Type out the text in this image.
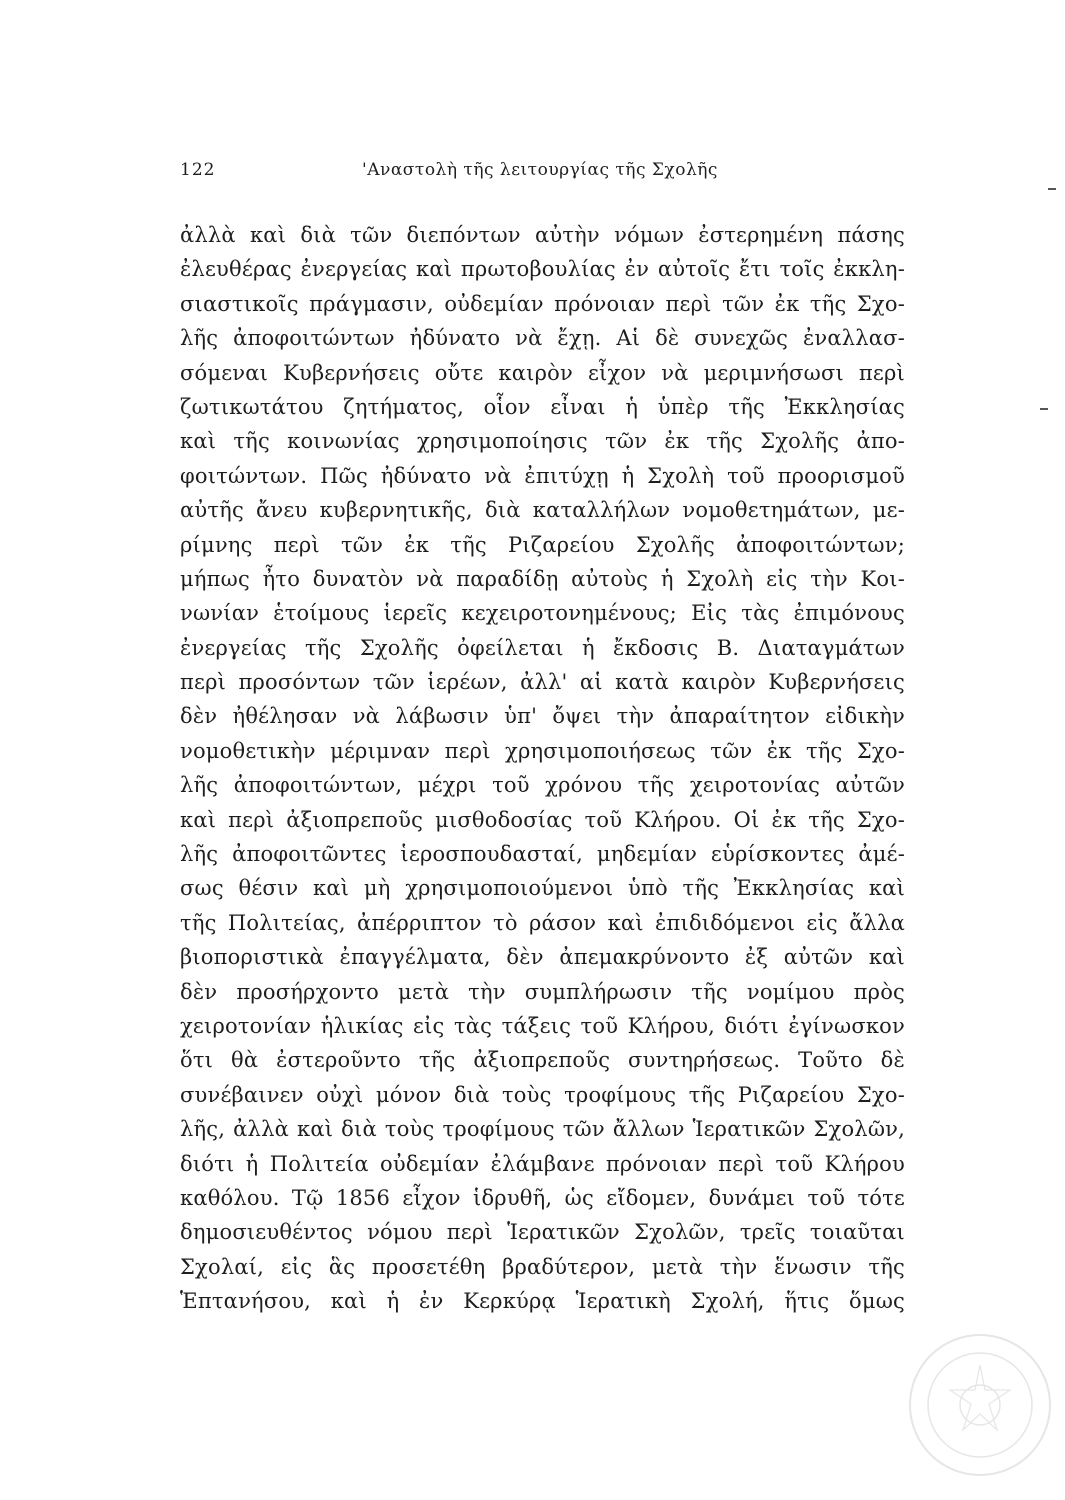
122	'Αναστολὴ τῆς λειτουργίας τῆς Σχολῆς
ἀλλὰ καὶ διὰ τῶν διεπόντων αὐτὴν νόμων ἐστερημένη πάσης
ἐλευθέρας ἐνεργείας καὶ πρωτοβουλίας ἐν αὐτοῖς ἔτι τοῖς ἐκκλη-
σιαστικοῖς πράγμασιν, οὐδεμίαν πρόνοιαν περὶ τῶν ἐκ τῆς Σχο-
λῆς ἀποφοιτώντων ἠδύνατο νὰ ἔχῃ. Αἱ δὲ συνεχῶς ἐναλλασ-
σόμεναι Κυβερνήσεις οὔτε καιρὸν εἶχον νὰ μεριμνήσωσι περὶ
ζωτικωτάτου ζητήματος, οἷον εἶναι ἡ ὑπὲρ τῆς Ἐκκλησίας
καὶ τῆς κοινωνίας χρησιμοποίησις τῶν ἐκ τῆς Σχολῆς ἀπο-
φοιτώντων. Πῶς ἠδύνατο νὰ ἐπιτύχῃ ἡ Σχολὴ τοῦ προορισμοῦ
αὐτῆς ἄνευ κυβερνητικῆς, διὰ καταλλήλων νομοθετημάτων, με-
ρίμνης περὶ τῶν ἐκ τῆς Ριζαρείου Σχολῆς ἀποφοιτώντων;
μήπως ἦτο δυνατὸν νὰ παραδίδῃ αὐτοὺς ἡ Σχολὴ εἰς τὴν Κοι-
νωνίαν ἑτοίμους ἱερεῖς κεχειροτονημένους; Εἰς τὰς ἐπιμόνους
ἐνεργείας τῆς Σχολῆς ὀφείλεται ἡ ἔκδοσις Β. Διαταγμάτων
περὶ προσόντων τῶν ἱερέων, ἀλλ' αἱ κατὰ καιρὸν Κυβερνήσεις
δὲν ἠθέλησαν νὰ λάβωσιν ὑπ' ὄψει τὴν ἀπαραίτητον εἰδικὴν
νομοθετικὴν μέριμναν περὶ χρησιμοποιήσεως τῶν ἐκ τῆς Σχο-
λῆς ἀποφοιτώντων, μέχρι τοῦ χρόνου τῆς χειροτονίας αὐτῶν
καὶ περὶ ἀξιοπρεποῦς μισθοδοσίας τοῦ Κλήρου. Οἱ ἐκ τῆς Σχο-
λῆς ἀποφοιτῶντες ἱεροσπουδασταί, μηδεμίαν εὑρίσκοντες ἀμέ-
σως θέσιν καὶ μὴ χρησιμοποιούμενοι ὑπὸ τῆς Ἐκκλησίας καὶ
τῆς Πολιτείας, ἀπέρριπτον τὸ ράσον καὶ ἐπιδιδόμενοι εἰς ἄλλα
βιοποριστικὰ ἐπαγγέλματα, δὲν ἀπεμακρύνοντο ἐξ αὐτῶν καὶ
δὲν προσήρχοντο μετὰ τὴν συμπλήρωσιν τῆς νομίμου πρὸς
χειροτονίαν ἡλικίας εἰς τὰς τάξεις τοῦ Κλήρου, διότι ἐγίνωσκον
ὅτι θὰ ἐστεροῦντο τῆς ἀξιοπρεποῦς συντηρήσεως. Τοῦτο δὲ
συνέβαινεν οὐχὶ μόνον διὰ τοὺς τροφίμους τῆς Ριζαρείου Σχο-
λῆς, ἀλλὰ καὶ διὰ τοὺς τροφίμους τῶν ἄλλων Ἱερατικῶν Σχολῶν,
διότι ἡ Πολιτεία οὐδεμίαν ἐλάμβανε πρόνοιαν περὶ τοῦ Κλήρου
καθόλου. Τῷ 1856 εἶχον ἱδρυθῆ, ὡς εἴδομεν, δυνάμει τοῦ τότε
δημοσιευθέντος νόμου περὶ Ἱερατικῶν Σχολῶν, τρεῖς τοιαῦται
Σχολαί, εἰς ἃς προσετέθη βραδύτερον, μετὰ τὴν ἕνωσιν τῆς
Ἑπτανήσου, καὶ ἡ ἐν Κερκύρᾳ Ἱερατικὴ Σχολή, ἥτις ὅμως
